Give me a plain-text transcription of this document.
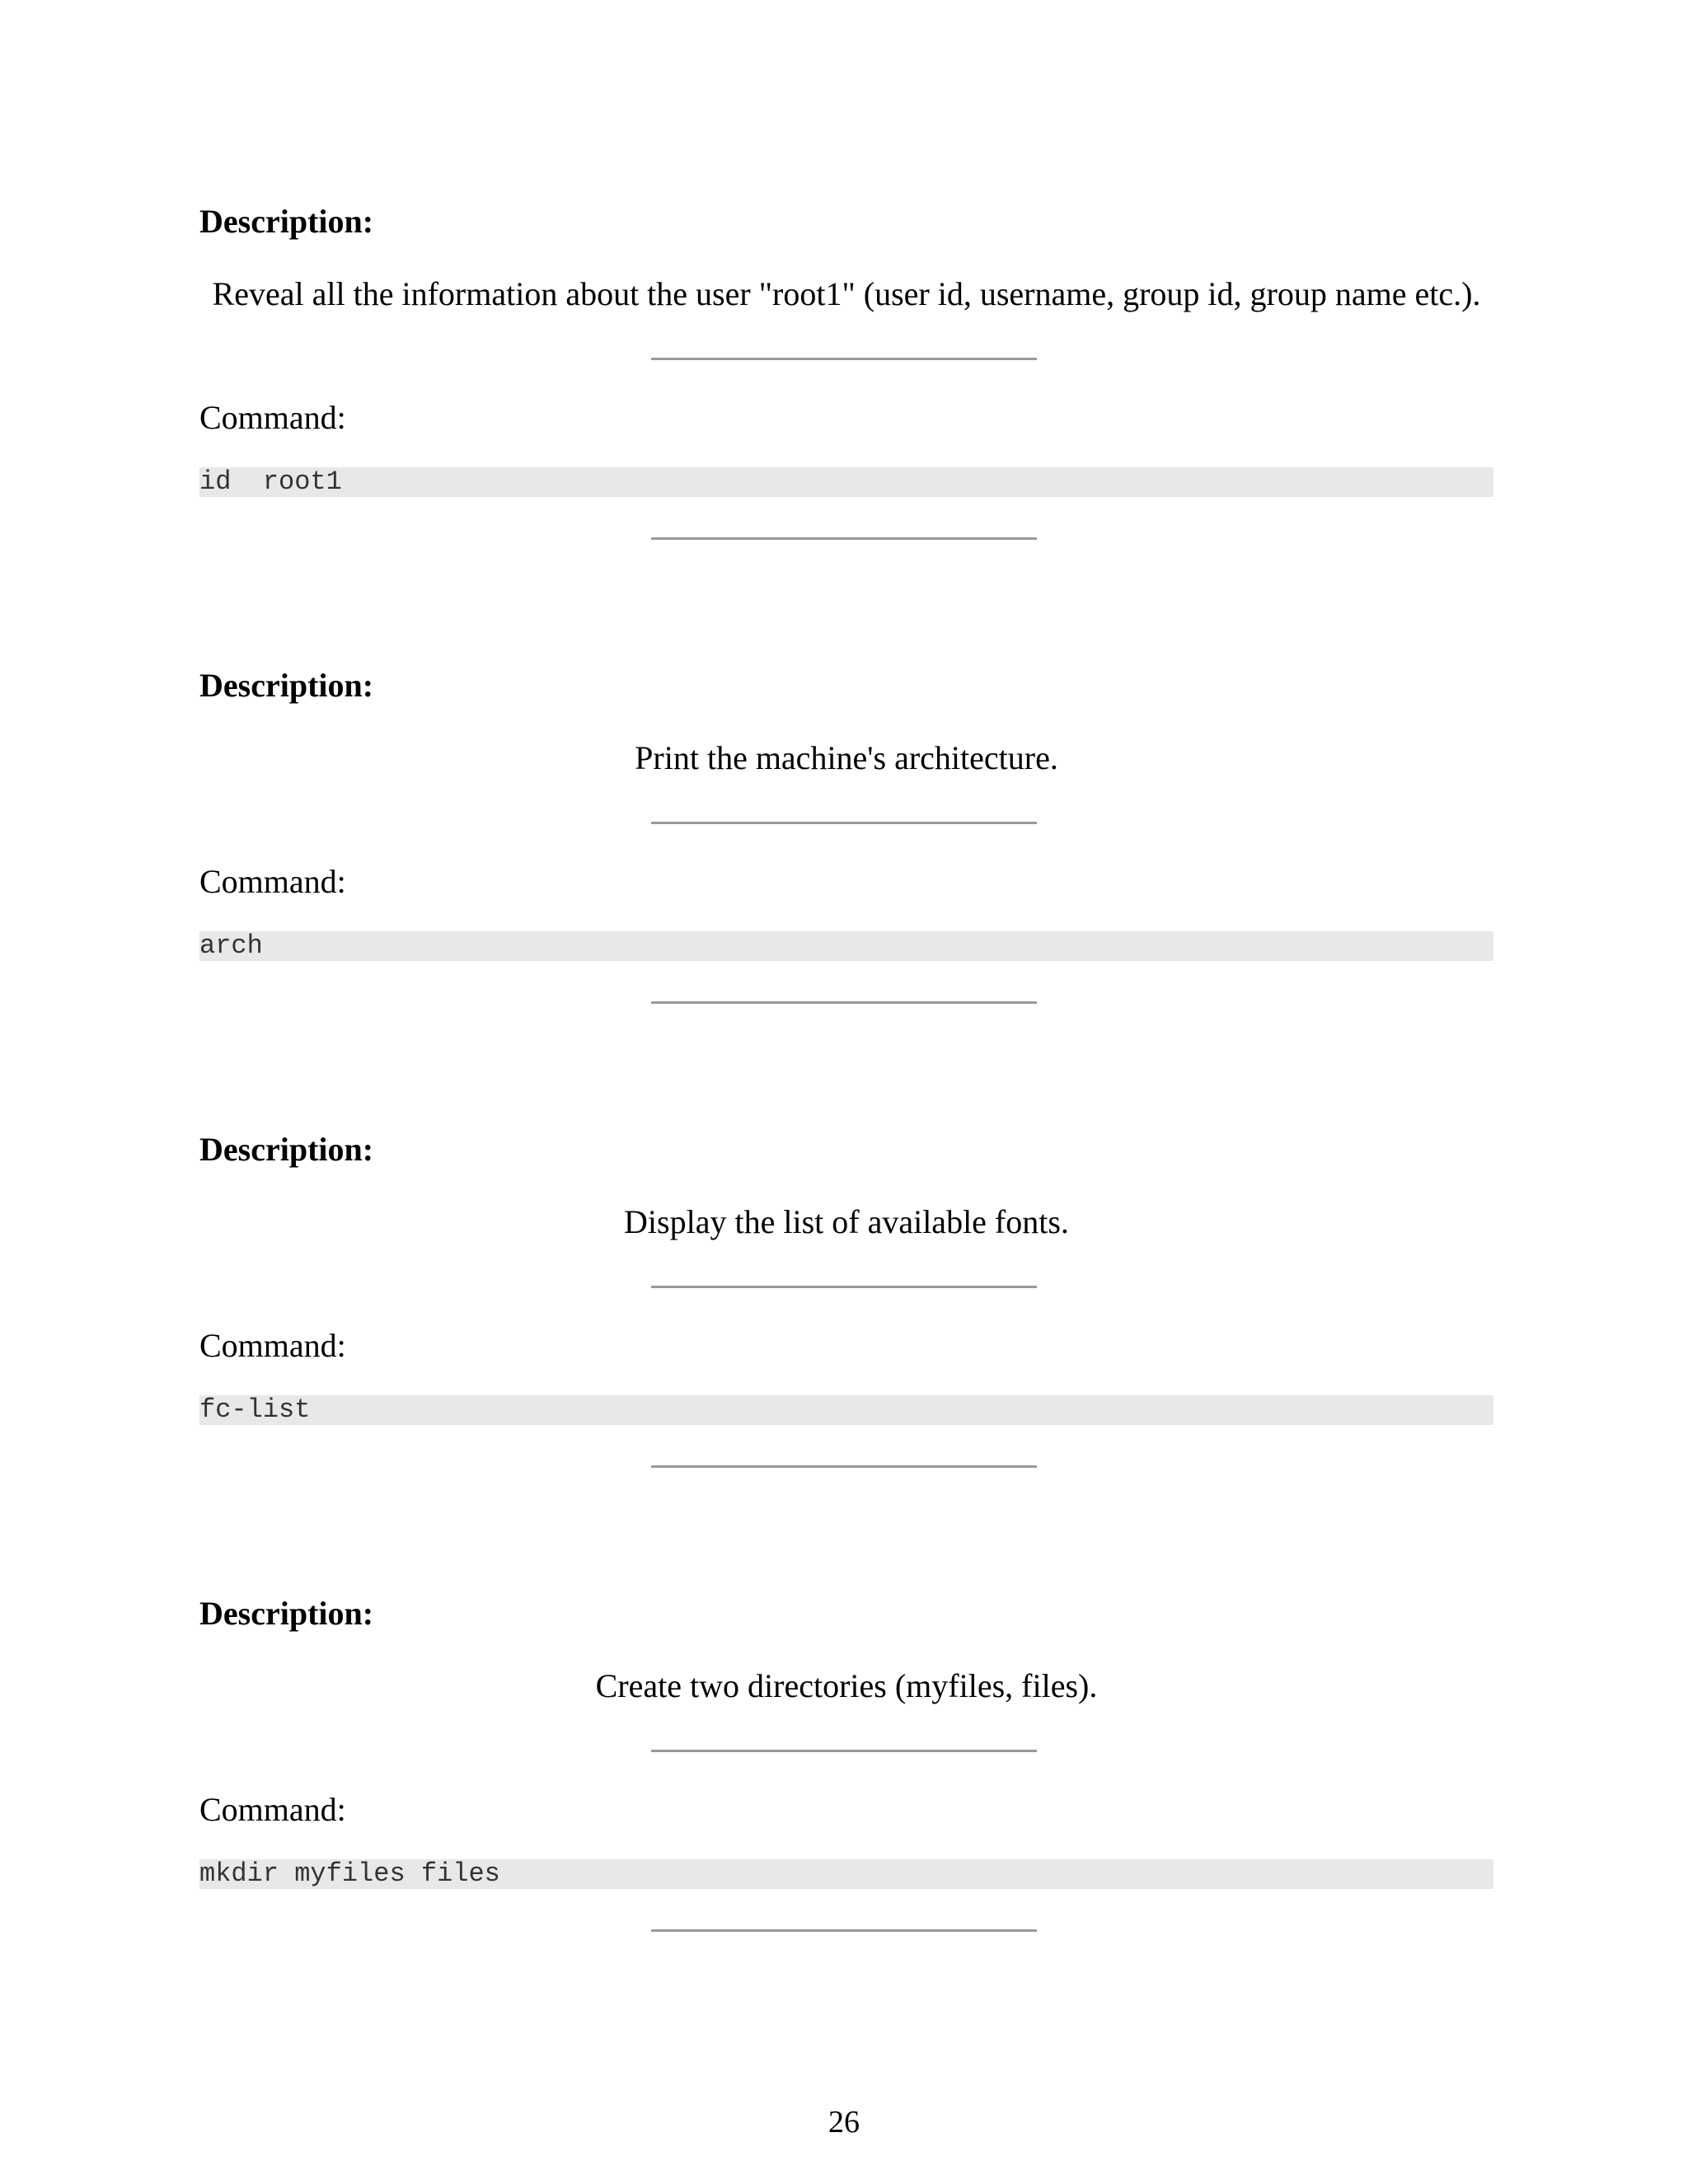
Description:
Reveal all the information about the user "root1" (user id, username, group id, group name etc.).
Command:
id  root1
Description:
Print the machine's architecture.
Command:
arch
Description:
Display the list of available fonts.
Command:
fc-list
Description:
Create two directories (myfiles, files).
Command:
mkdir myfiles files
26
